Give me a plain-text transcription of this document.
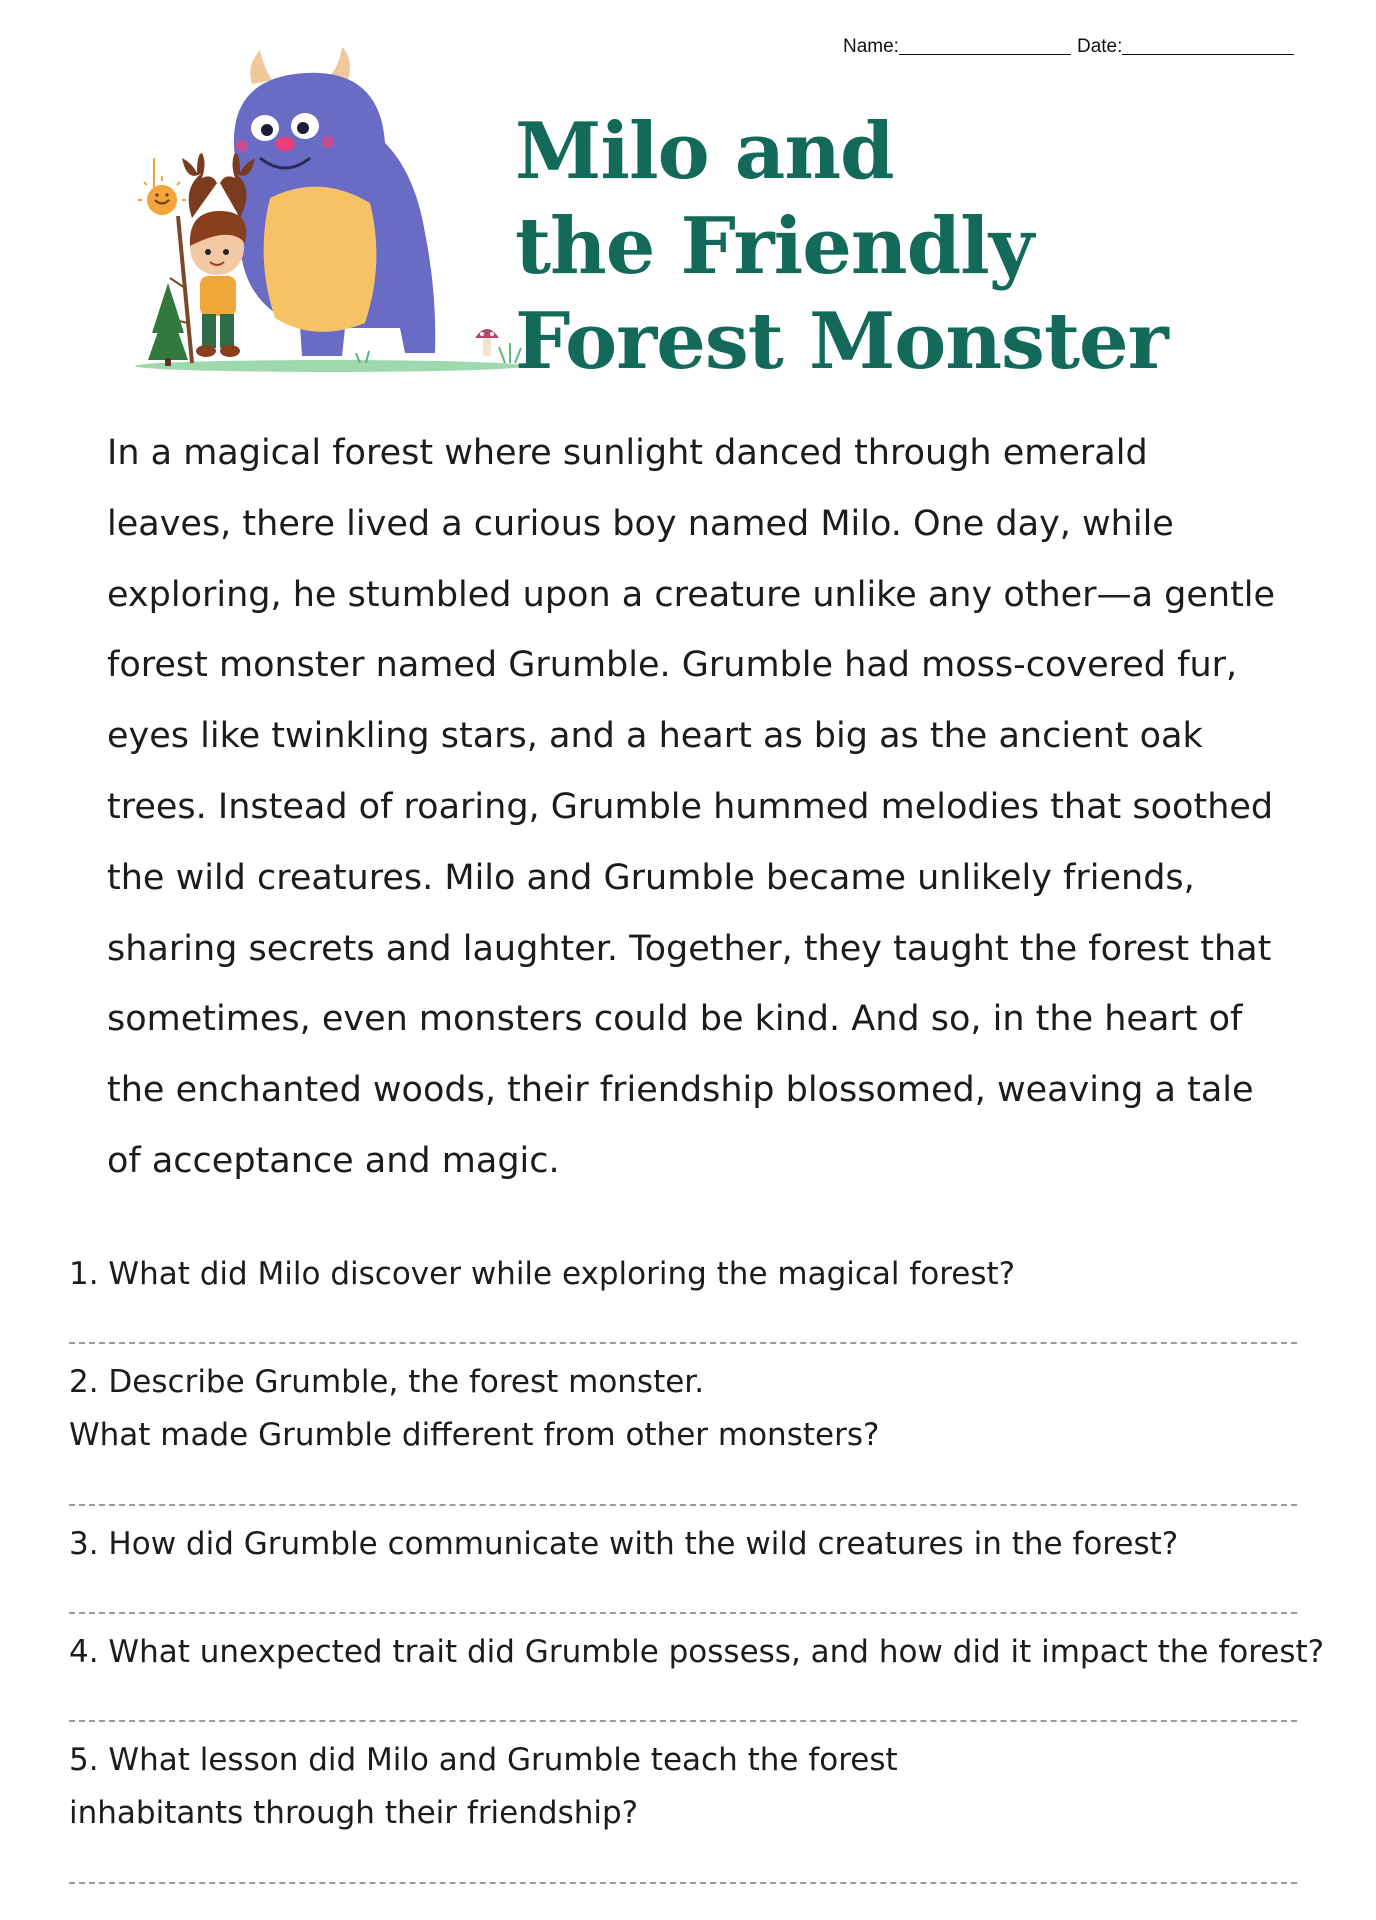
Name:	Date:
Milo and
the Friendly
Forest Monster
In a magical forest where sunlight danced through emerald
leaves, there lived a curious boy named Milo. One day, while
exploring, he stumbled upon a creature unlike any other—a gentle
forest monster named Grumble. Grumble had moss-covered fur,
eyes like twinkling stars, and a heart as big as the ancient oak
trees. Instead of roaring, Grumble hummed melodies that soothed
the wild creatures. Milo and Grumble became unlikely friends,
sharing secrets and laughter. Together, they taught the forest that
sometimes, even monsters could be kind. And so, in the heart of
the enchanted woods, their friendship blossomed, weaving a tale
of acceptance and magic.
1. What did Milo discover while exploring the magical forest?
2. Describe Grumble, the forest monster.
What made Grumble different from other monsters?
3. How did Grumble communicate with the wild creatures in the forest?
4. What unexpected trait did Grumble possess, and how did it impact the forest?
5. What lesson did Milo and Grumble teach the forest
inhabitants through their friendship?
